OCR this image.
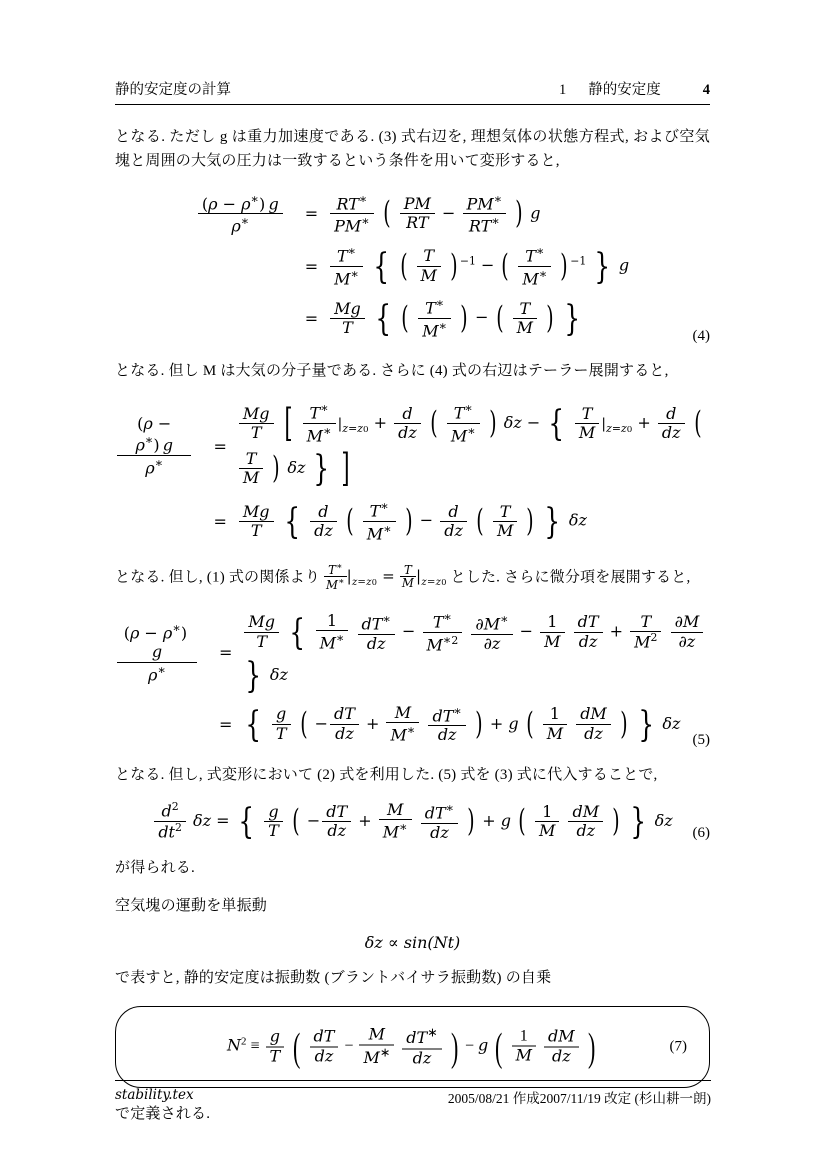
静的安定度の計算	1 静的安定度	4

となる. ただし g は重力加速度である. (3) 式右辺を, 理想気体の状態方程式, および空気塊と周囲の大気の圧力は一致するという条件を用いて変形すると,

$\frac{(\rho - \rho^∗) g}{\rho^∗}$	=	$\frac{RT^∗}{PM^∗}$ ( $\frac{PM}{RT} - \frac{PM^∗}{RT^∗}$ ) g
	=	$\frac{T^∗}{M^∗}$ { ( $\frac{T}{M}$ ) $^{-1}$ − ( $\frac{T^∗}{M^∗}$ ) $^{-1}$ } g
	=	$\frac{Mg}{T}$ { ( $\frac{T^∗}{M^∗}$ ) − ( $\frac{T}{M}$ ) }	(4)

となる. 但し M は大気の分子量である. さらに (4) 式の右辺はテーラー展開すると,

$\frac{(\rho - \rho^∗) g}{\rho^∗}$	=	
$\frac{Mg}{T}$ [ $\frac{T^∗}{M^∗} |_{z=z0} + \frac{d}{dz}$ ( $\frac{T^∗}{M^∗}$ ) δz − { $\frac{T}{M} |_{z=z0} + \frac{d}{dz}$ (
$\frac{T}{M}$ ) δz } ]
	=	$\frac{Mg}{T}$ { $\frac{d}{dz}$ ( $\frac{T^∗}{M^∗}$ ) − $\frac{d}{dz}$ ( $\frac{T}{M}$ ) } δz

となる. 但し, (1) 式の関係より $\frac{T^∗}{M^∗} |_{z=z0} = \frac{T}{M} |_{z=z0}$ とした. さらに微分項を展開すると,

$\frac{(\rho - \rho^∗) g}{\rho^∗}$	=	
$\frac{Mg}{T}$ { $\frac{1}{M^∗}$
$\frac{dT^∗}{dz} - \frac{T^∗}{M^{∗2}}$
$\frac{\partial M^∗}{\partial z} - \frac{1}{M}$
$\frac{dT}{dz} + \frac{T}{M^2}$
$\frac{\partial M}{\partial z}$
} δz
	=	{ $\frac{g}{T}$ ( − $\frac{dT}{dz} + \frac{M}{M^∗}$
$\frac{dT^∗}{dz}$ ) + g ( $\frac{1}{M}$
$\frac{dM}{dz}$ ) } δz
(5)

となる. 但し, 式変形において (2) 式を利用した. (5) 式を (3) 式に代入することで,

$\frac{d^2}{dt^2}$ δz = { $\frac{g}{T}$ ( − $\frac{dT}{dz} + \frac{M}{M^∗}$
$\frac{dT^∗}{dz}$ ) + g ( $\frac{1}{M}$
$\frac{dM}{dz}$ ) } δz
(6)

が得られる.

空気塊の運動を単振動

δz ∝ sin(Nt)

で表すと, 静的安定度は振動数 (ブラントバイサラ振動数) の自乗

$N^2 \equiv \frac{g}{T}$ ( $\frac{dT}{dz} - \frac{M}{M^∗}$
$\frac{dT^∗}{dz}$ ) − g ( $\frac{1}{M}$
$\frac{dM}{dz}$ )	(7)

で定義される.

stability.tex	2005/08/21 作成2007/11/19 改定 (杉山耕一朗)
